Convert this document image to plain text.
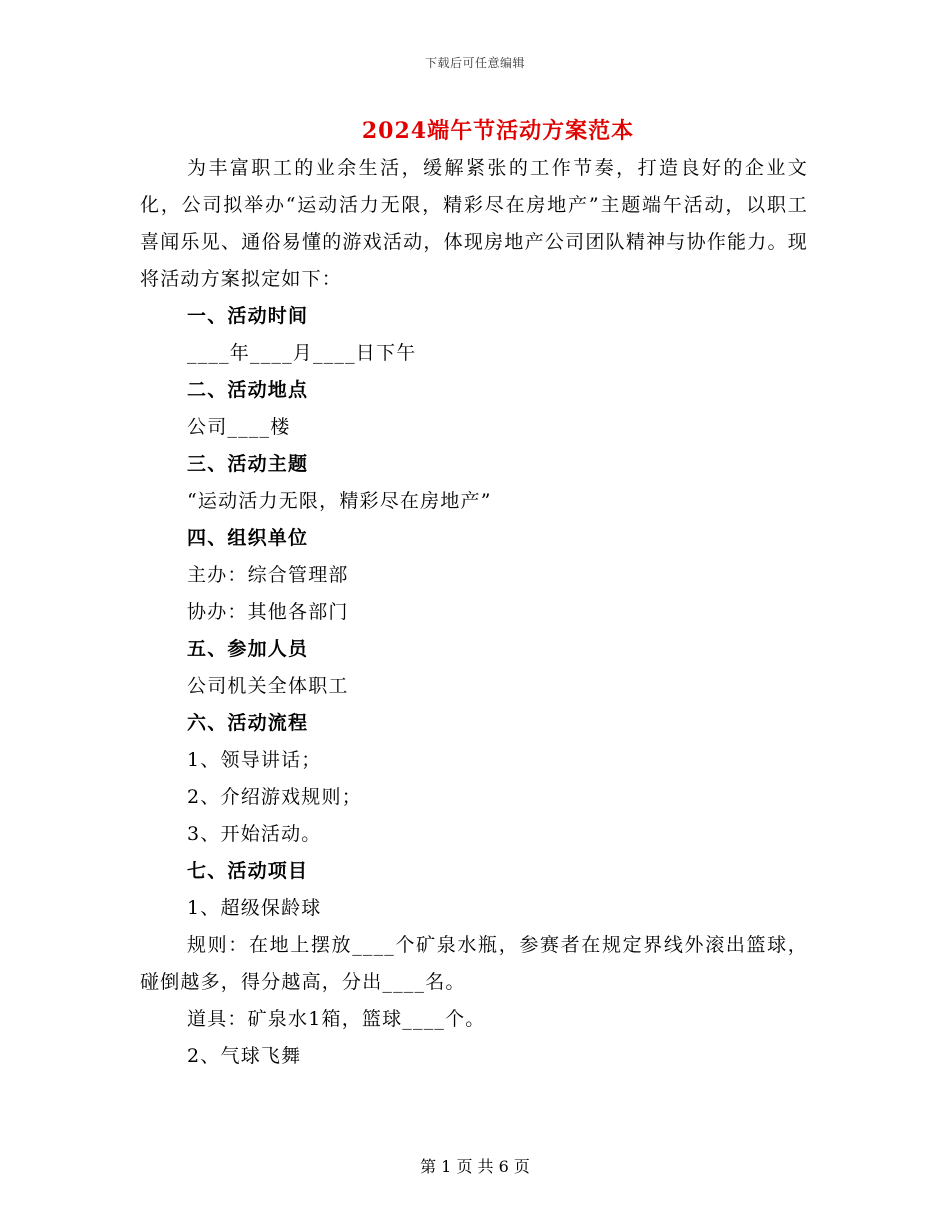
下载后可任意编辑
2024端午节活动方案范本

为丰富职工的业余生活，缓解紧张的工作节奏，打造良好的企业文化，公司拟举办“运动活力无限，精彩尽在房地产”主题端午活动，以职工喜闻乐见、通俗易懂的游戏活动，体现房地产公司团队精神与协作能力。现将活动方案拟定如下：

一、活动时间

____年____月____日下午

二、活动地点

公司____楼

三、活动主题

“运动活力无限，精彩尽在房地产”

四、组织单位

主办：综合管理部

协办：其他各部门

五、参加人员

公司机关全体职工

六、活动流程

1、领导讲话；

2、介绍游戏规则；

3、开始活动。

七、活动项目

1、超级保龄球

规则：在地上摆放____个矿泉水瓶，参赛者在规定界线外滚出篮球，碰倒越多，得分越高，分出____名。

道具：矿泉水1箱，篮球____个。

2、气球飞舞

第 1 页 共 6 页
